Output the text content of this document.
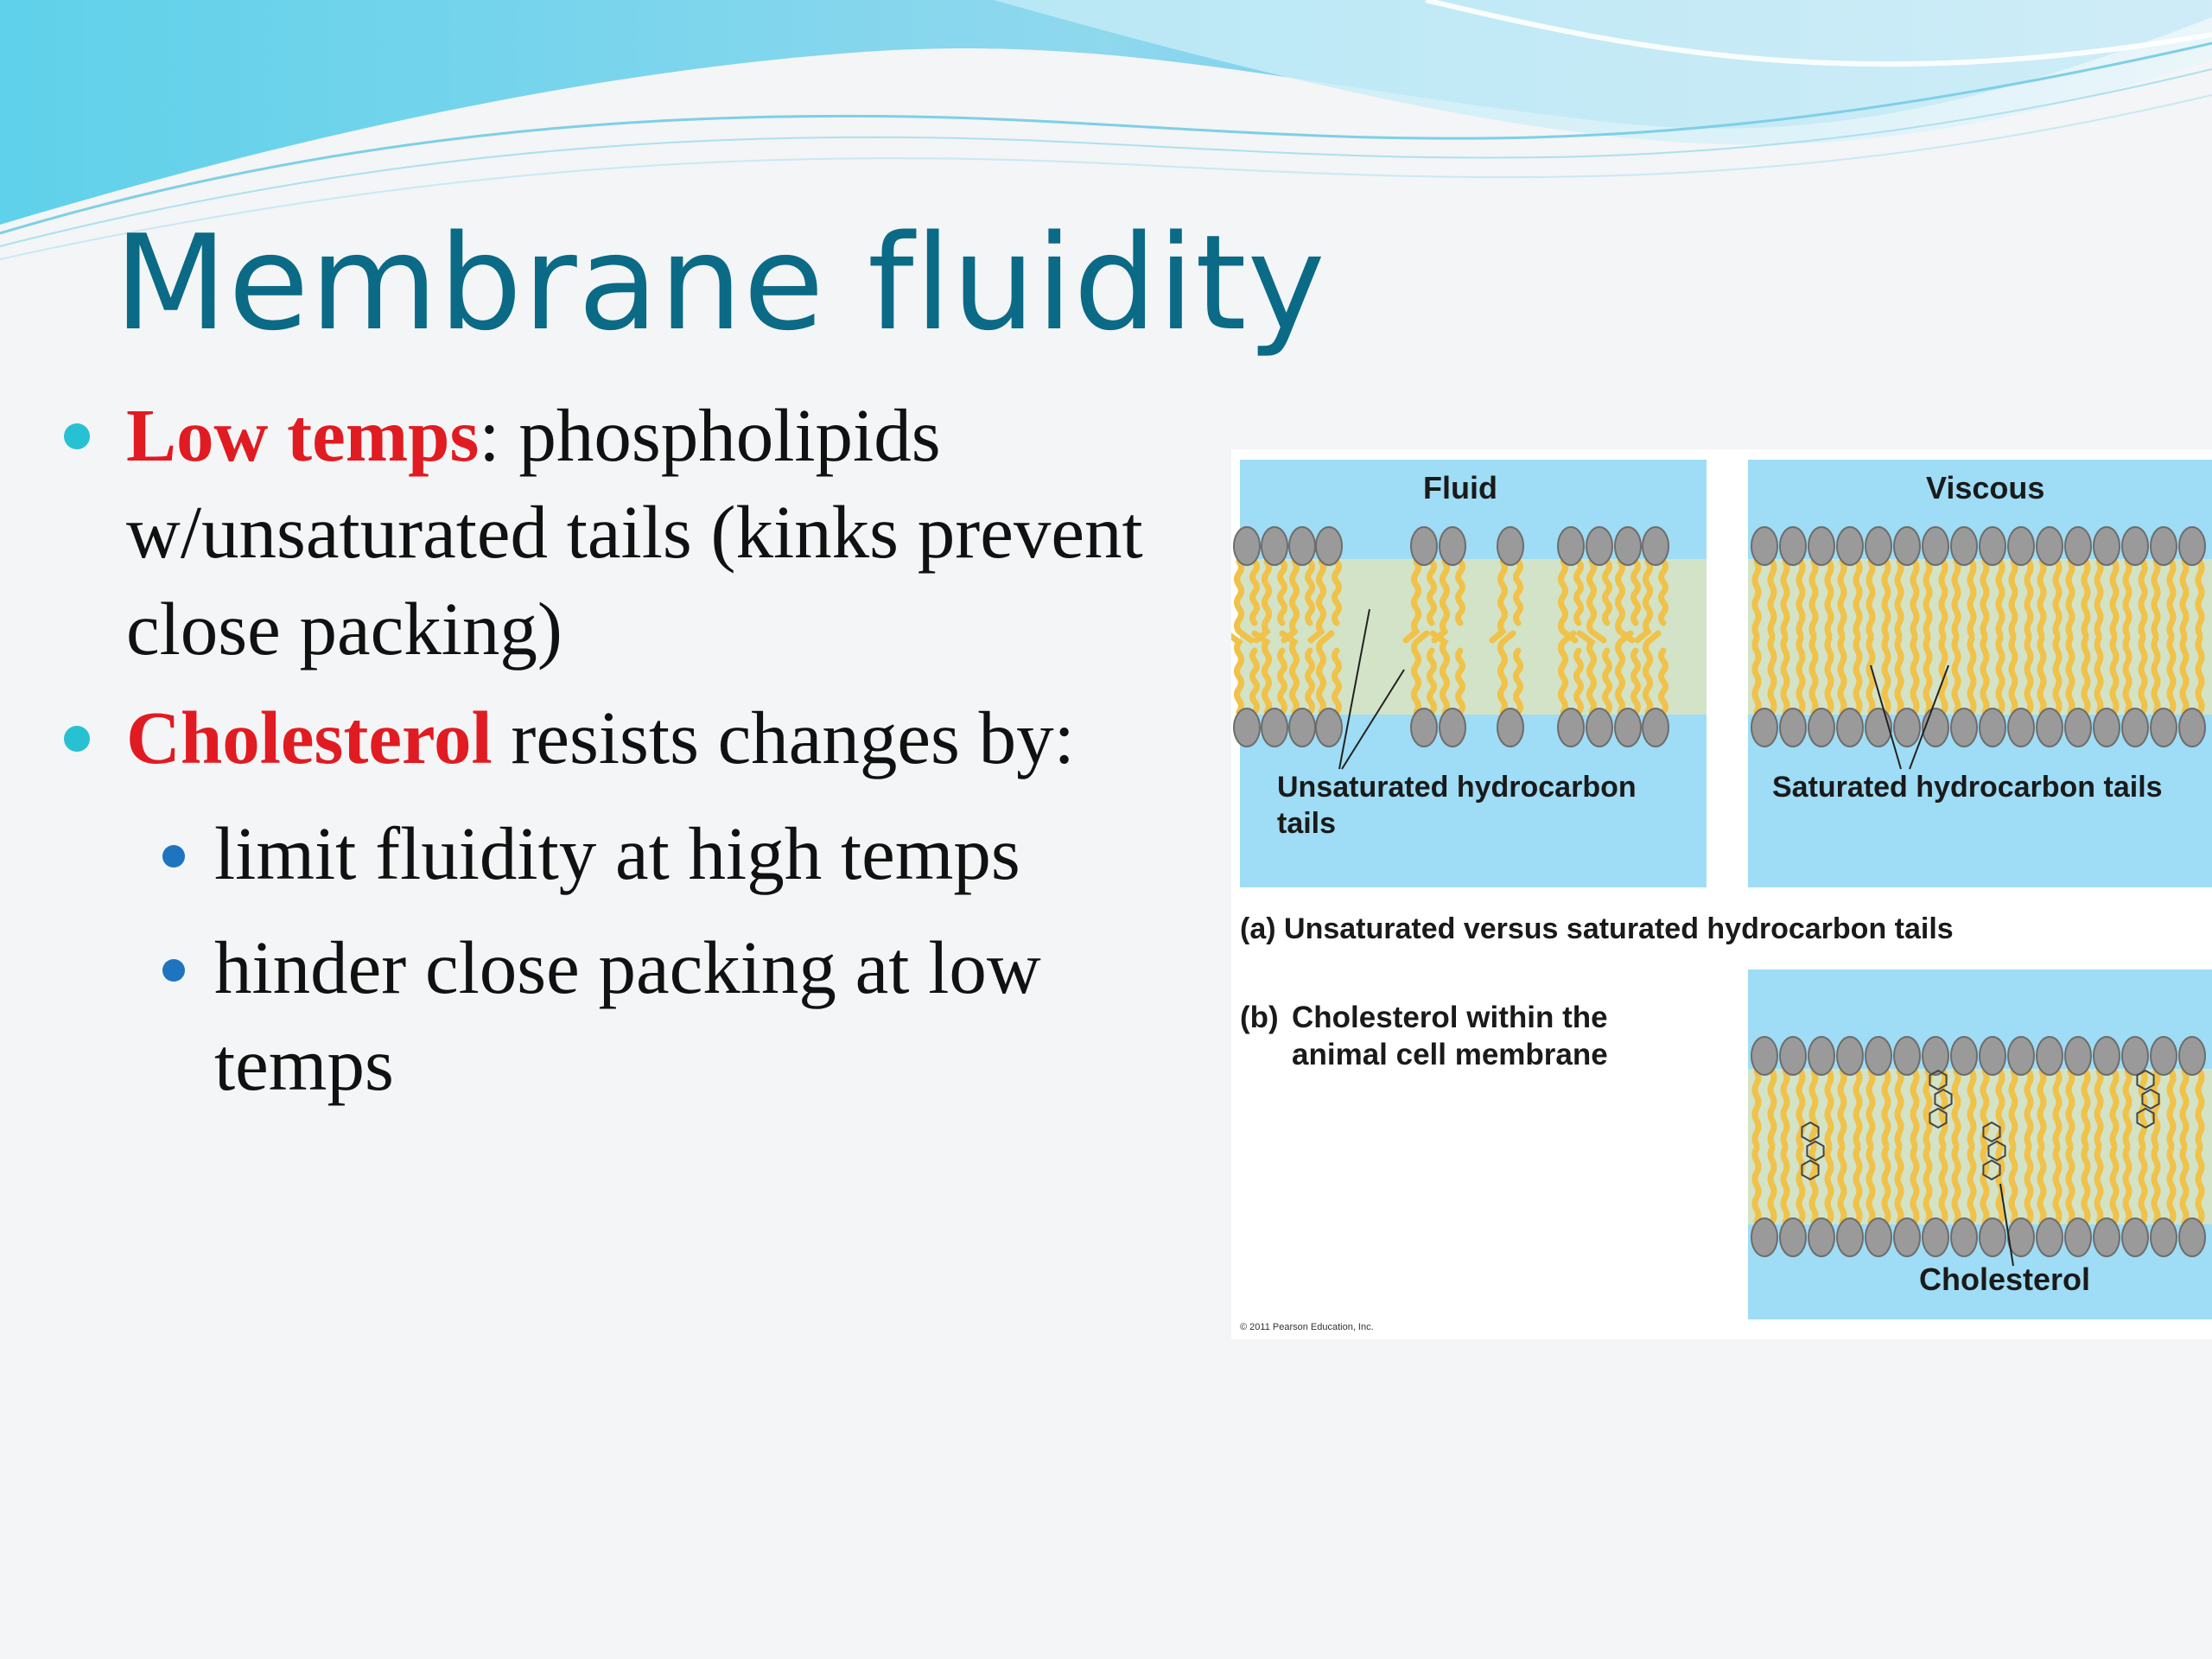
Membrane fluidity
Low temps: phospholipids w/unsaturated tails (kinks prevent close packing)
Cholesterol resists changes by:
limit fluidity at high temps
hinder close packing at low temps
Fluid	Viscous
Unsaturated hydrocarbon tails
Saturated hydrocarbon tails
(a) Unsaturated versus saturated hydrocarbon tails
(b) Cholesterol within the animal cell membrane
Cholesterol
© 2011 Pearson Education, Inc.
